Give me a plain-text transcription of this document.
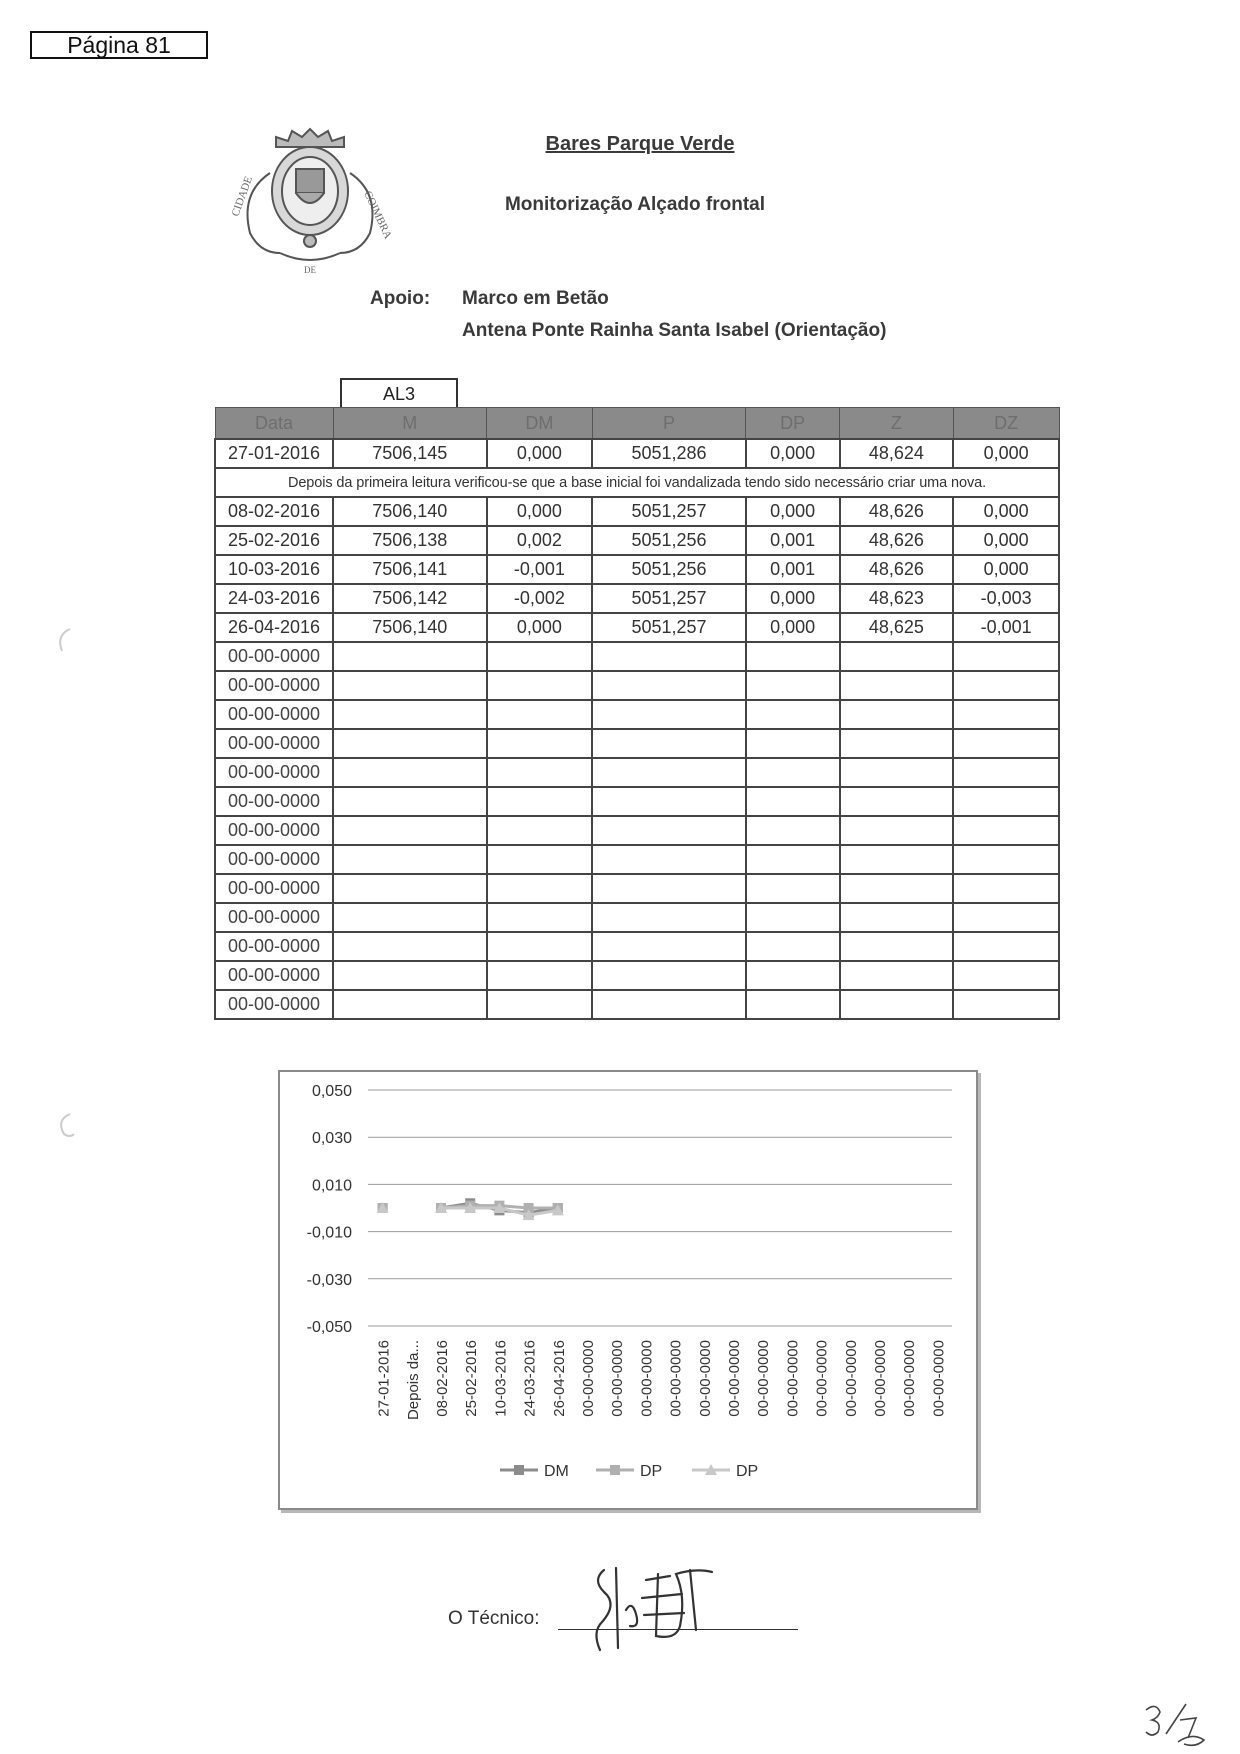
Página 81
CIDADE
DE
COIMBRA
Bares Parque Verde
Monitorização Alçado frontal
Apoio: Marco em Betão
Antena Ponte Rainha Santa Isabel (Orientação)
AL3
Data	M	DM	P	DP	Z	DZ
27-01-2016	7506,145	0,000	5051,286	0,000	48,624	0,000
Depois da primeira leitura verificou-se que a base inicial foi vandalizada tendo sido necessário criar uma nova.						
08-02-2016	7506,140	0,000	5051,257	0,000	48,626	0,000
25-02-2016	7506,138	0,002	5051,256	0,001	48,626	0,000
10-03-2016	7506,141	-0,001	5051,256	0,001	48,626	0,000
24-03-2016	7506,142	-0,002	5051,257	0,000	48,623	-0,003
26-04-2016	7506,140	0,000	5051,257	0,000	48,625	-0,001
00-00-0000						
00-00-0000						
00-00-0000						
00-00-0000						
00-00-0000						
00-00-0000						
00-00-0000						
00-00-0000						
00-00-0000						
00-00-0000						
00-00-0000						
00-00-0000						
00-00-0000						
0,050
0,030
0,010
-0,010
-0,030
-0,050
27-01-2016 Depois da... 08-02-2016 25-02-2016 10-03-2016 24-03-2016 26-04-2016 00-00-0000 00-00-0000 00-00-0000 00-00-0000 00-00-0000 00-00-0000 00-00-0000 00-00-0000 00-00-0000 00-00-0000 00-00-0000 00-00-0000 00-00-0000
DM	DP	DP
O Técnico:
